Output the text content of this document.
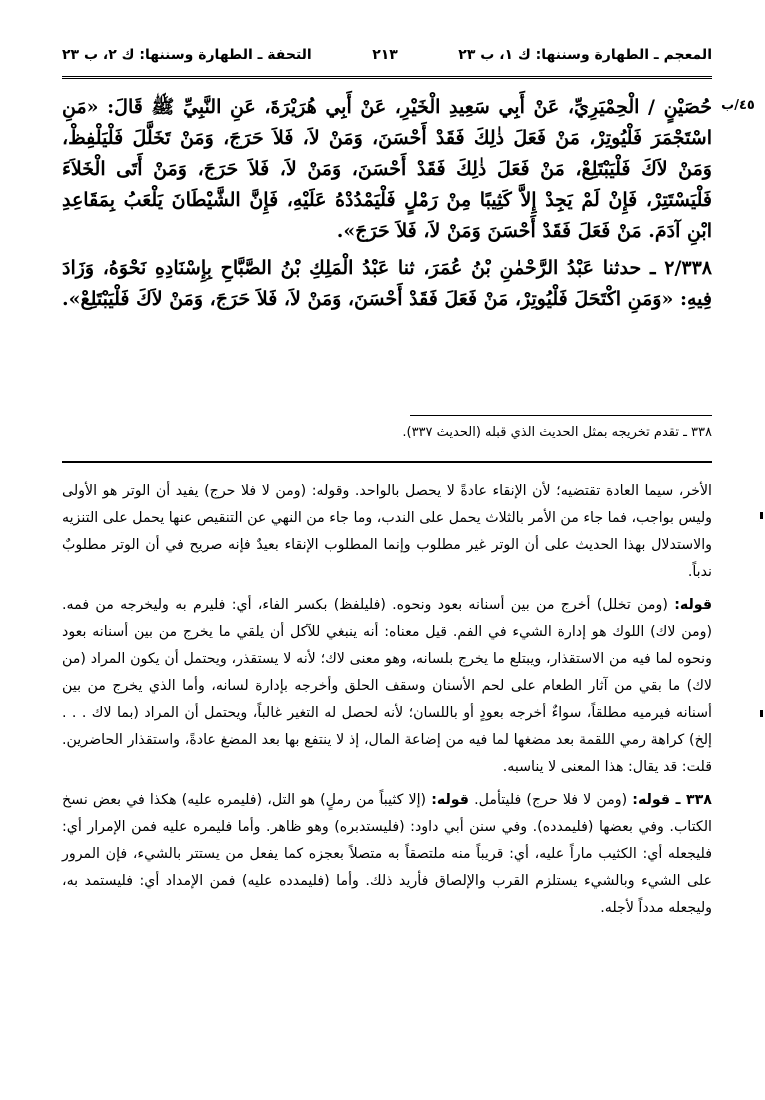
المعجم ـ الطهارة وسننها: ك ١، ب ٢٣
٢١٣
التحفة ـ الطهارة وسننها: ك ٢، ب ٢٣
٤٥/ب

حُصَيْنٍ / الْحِمْيَرِيِّ، عَنْ أَبِي سَعِيدِ الْخَيْرِ، عَنْ أَبِي هُرَيْرَةَ، عَنِ النَّبِيِّ ﷺ قَالَ: «مَنِ اسْتَجْمَرَ فَلْيُوتِرْ، مَنْ فَعَلَ ذٰلِكَ فَقَدْ أَحْسَنَ، وَمَنْ لاَ، فَلاَ حَرَجَ، وَمَنْ تَخَلَّلَ فَلْيَلْفِظْ، وَمَنْ لاَكَ فَلْيَبْتَلِعْ، مَنْ فَعَلَ ذٰلِكَ فَقَدْ أَحْسَنَ، وَمَنْ لاَ، فَلاَ حَرَجَ، وَمَنْ أَتَى الْخَلاَءَ فَلْيَسْتَتِرْ، فَإِنْ لَمْ يَجِدْ إِلاَّ كَثِيبًا مِنْ رَمْلٍ فَلْيَمْدُدْهُ عَلَيْهِ، فَإِنَّ الشَّيْطَانَ يَلْعَبُ بِمَقَاعِدِ ابْنِ آدَمَ. مَنْ فَعَلَ فَقَدْ أَحْسَنَ وَمَنْ لاَ، فَلاَ حَرَجَ».

٢/٣٣٨ ـ حدثنا عَبْدُ الرَّحْمٰنِ بْنُ عُمَرَ، ثنا عَبْدُ الْمَلِكِ بْنُ الصَّبَّاحِ بِإِسْنَادِهِ نَحْوَهُ، وَزَادَ فِيهِ: «وَمَنِ اكْتَحَلَ فَلْيُوتِرْ، مَنْ فَعَلَ فَقَدْ أَحْسَنَ، وَمَنْ لاَ، فَلاَ حَرَجَ، وَمَنْ لاَكَ فَلْيَبْتَلِعْ».

٣٣٨ ـ تقدم تخريجه بمثل الحديث الذي قبله (الحديث ٣٣٧).

الأخر، سيما العادة تقتضيه؛ لأن الإنقاء عادةً لا يحصل بالواحد. وقوله: (ومن لا فلا حرج) يفيد أن الوتر هو الأولى وليس بواجب، فما جاء من الأمر بالثلاث يحمل على الندب، وما جاء من النهي عن التنقيص عنها يحمل على التنزيه والاستدلال بهذا الحديث على أن الوتر غير مطلوب وإنما المطلوب الإنقاء بعيدٌ فإنه صريح في أن الوتر مطلوبٌ ندباً.

قوله: (ومن تخلل) أخرج من بين أسنانه بعود ونحوه. (فليلفظ) بكسر الفاء، أي: فليرم به وليخرجه من فمه. (ومن لاك) اللوك هو إدارة الشيء في الفم. قيل معناه: أنه ينبغي للآكل أن يلقي ما يخرج من بين أسنانه بعود ونحوه لما فيه من الاستقذار، ويبتلع ما يخرج بلسانه، وهو معنى لاك؛ لأنه لا يستقذر، ويحتمل أن يكون المراد (من لاك) ما بقي من آثار الطعام على لحم الأسنان وسقف الحلق وأخرجه بإدارة لسانه، وأما الذي يخرج من بين أسنانه فيرميه مطلقاً، سواءٌ أخرجه بعودٍ أو باللسان؛ لأنه لحصل له التغير غالباً، ويحتمل أن المراد (بما لاك . . . إلخ) كراهة رمي اللقمة بعد مضغها لما فيه من إضاعة المال، إذ لا ينتفع بها بعد المضغ عادةً، واستقذار الحاضرين. قلت: قد يقال: هذا المعنى لا يناسبه.

٣٣٨ ـ قوله: (ومن لا فلا حرج) فليتأمل. قوله: (إلا كثيباً من رملٍ) هو التل، (فليمره عليه) هكذا في بعض نسخ الكتاب. وفي بعضها (فليمدده). وفي سنن أبي داود: (فليستدبره) وهو ظاهر. وأما فليمره عليه فمن الإمرار أي: فليجعله أي: الكثيب ماراً عليه، أي: قريباً منه ملتصقاً به متصلاً بعجزه كما يفعل من يستتر بالشيء، فإن المرور على الشيء وبالشيء يستلزم القرب والإلصاق فأريد ذلك. وأما (فليمدده عليه) فمن الإمداد أي: فليستمد به، وليجعله مدداً لأجله.
